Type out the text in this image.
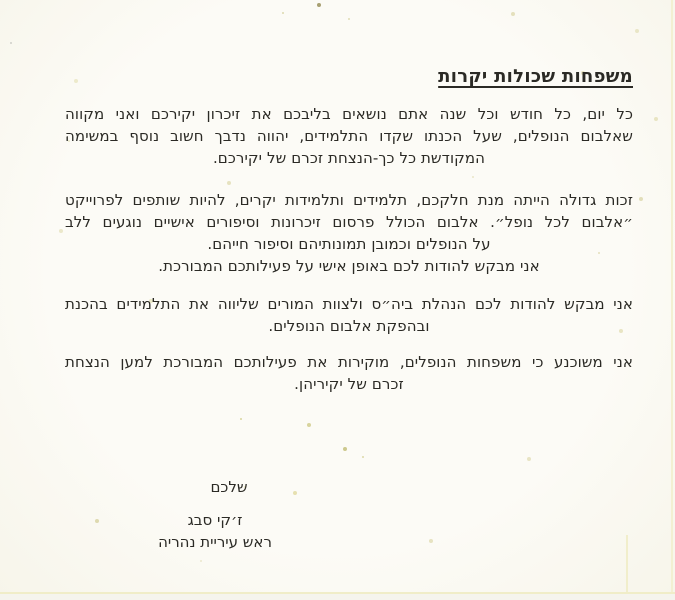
משפחות שכולות יקרות
כל יום, כל חודש וכל שנה אתם נושאים בליבכם את זיכרון יקירכם ואני מקווה
שאלבום הנופלים, שעל הכנתו שקדו התלמידים, יהווה נדבך חשוב נוסף במשימה
המקודשת כל כך-הנצחת זכרם של יקירכם.
זכות גדולה הייתה מנת חלקכם, תלמידים ותלמידות יקרים, להיות שותפים לפרוייקט
״אלבום לכל נופל״. אלבום הכולל פרסום זיכרונות וסיפורים אישיים נוגעים ללב
על הנופלים וכמובן תמונותיהם וסיפור חייהם.
אני מבקש להודות לכם באופן אישי על פעילותכם המבורכת.
אני מבקש להודות לכם הנהלת ביה״ס ולצוות המורים שליווה את התלמידים בהכנת
ובהפקת אלבום הנופלים.
אני משוכנע כי משפחות הנופלים, מוקירות את פעילותכם המבורכת למען הנצחת
זכרם של יקיריהן.
שלכם
ז׳קי סבג
ראש עיריית נהריה
